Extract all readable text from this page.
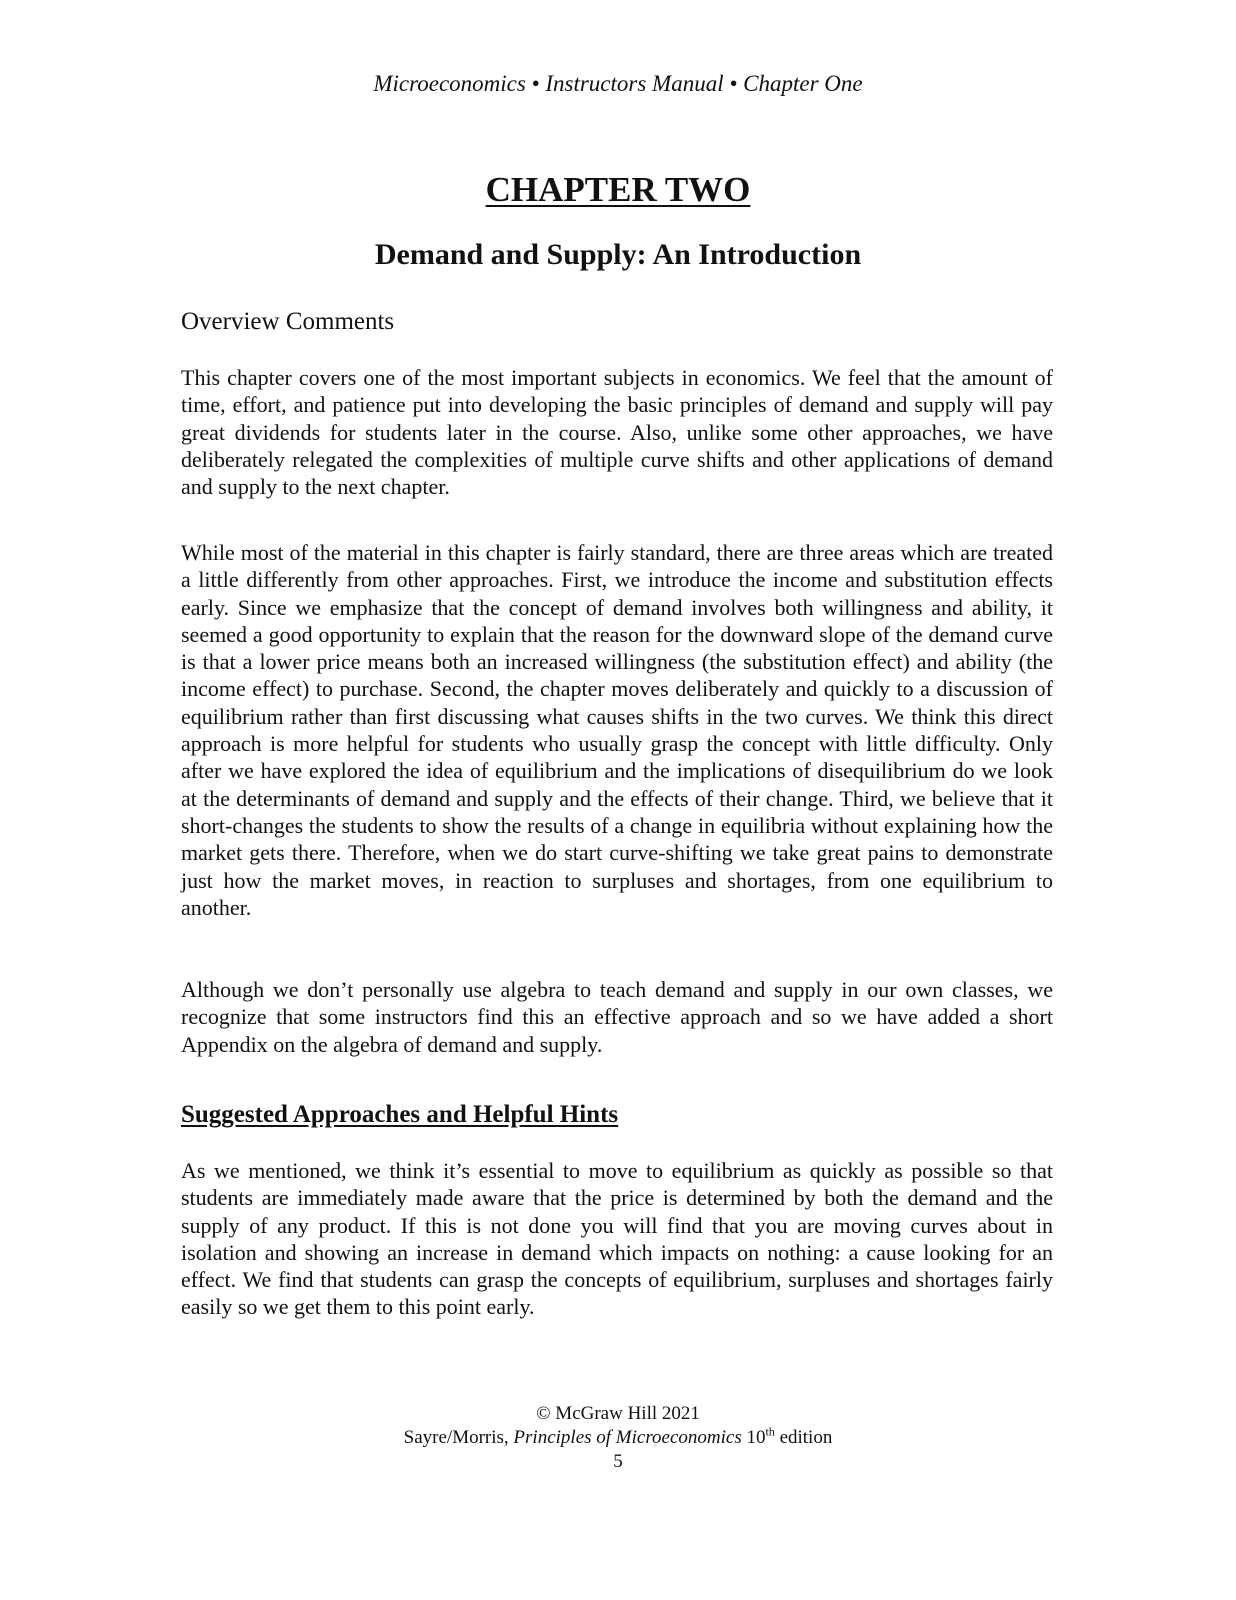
Microeconomics • Instructors Manual • Chapter One
CHAPTER TWO
Demand and Supply: An Introduction
Overview Comments

This chapter covers one of the most important subjects in economics. We feel that the amount of time, effort, and patience put into developing the basic principles of demand and supply will pay great dividends for students later in the course. Also, unlike some other approaches, we have deliberately relegated the complexities of multiple curve shifts and other applications of demand and supply to the next chapter.

While most of the material in this chapter is fairly standard, there are three areas which are treated a little differently from other approaches. First, we introduce the income and substitution effects early. Since we emphasize that the concept of demand involves both willingness and ability, it seemed a good opportunity to explain that the reason for the downward slope of the demand curve is that a lower price means both an increased willingness (the substitution effect) and ability (the income effect) to purchase. Second, the chapter moves deliberately and quickly to a discussion of equilibrium rather than first discussing what causes shifts in the two curves. We think this direct approach is more helpful for students who usually grasp the concept with little difficulty. Only after we have explored the idea of equilibrium and the implications of disequilibrium do we look at the determinants of demand and supply and the effects of their change. Third, we believe that it short-changes the students to show the results of a change in equilibria without explaining how the market gets there. Therefore, when we do start curve-shifting we take great pains to demonstrate just how the market moves, in reaction to surpluses and shortages, from one equilibrium to another.

Although we don’t personally use algebra to teach demand and supply in our own classes, we recognize that some instructors find this an effective approach and so we have added a short Appendix on the algebra of demand and supply.

Suggested Approaches and Helpful Hints

As we mentioned, we think it’s essential to move to equilibrium as quickly as possible so that students are immediately made aware that the price is determined by both the demand and the supply of any product. If this is not done you will find that you are moving curves about in isolation and showing an increase in demand which impacts on nothing: a cause looking for an effect. We find that students can grasp the concepts of equilibrium, surpluses and shortages fairly easily so we get them to this point early.

© McGraw Hill 2021
Sayre/Morris, Principles of Microeconomics 10th edition
5
